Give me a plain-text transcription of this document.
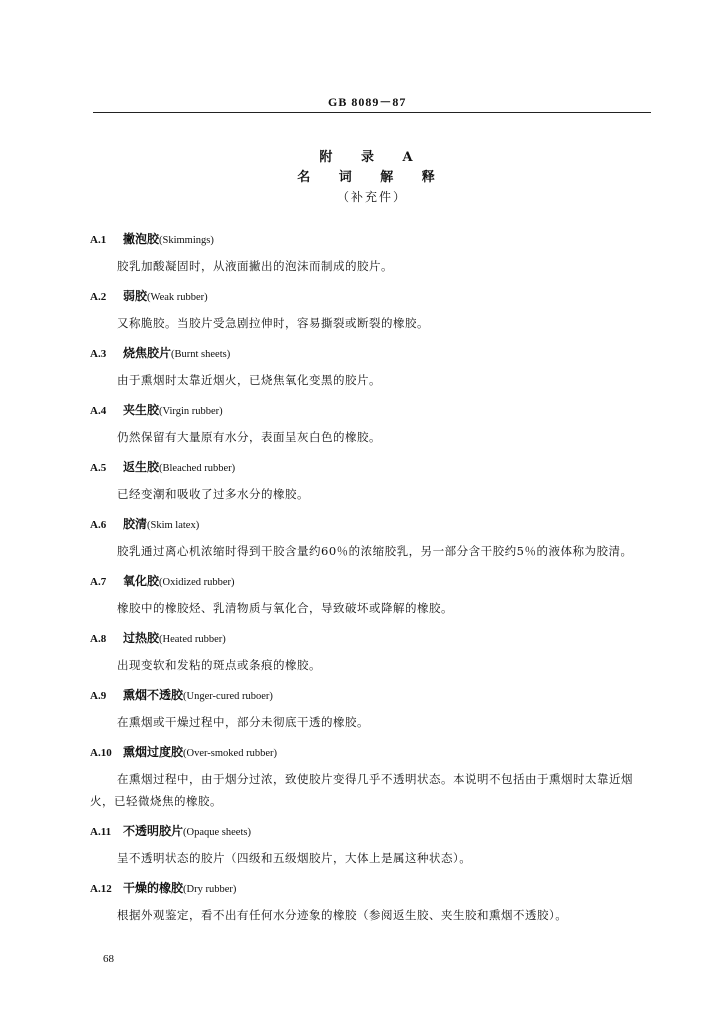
GB 8089－87
附 录 A
名 词 解 释
（补充件）
A.1 撇泡胶(Skimmings)

胶乳加酸凝固时，从液面撇出的泡沫而制成的胶片。

A.2 弱胶(Weak rubber)

又称脆胶。当胶片受急剧拉伸时，容易撕裂或断裂的橡胶。

A.3 烧焦胶片(Burnt sheets)

由于熏烟时太靠近烟火，已烧焦氧化变黑的胶片。

A.4 夹生胶(Virgin rubber)

仍然保留有大量原有水分，表面呈灰白色的橡胶。

A.5 返生胶(Bleached rubber)

已经变潮和吸收了过多水分的橡胶。

A.6 胶清(Skim latex)

胶乳通过离心机浓缩时得到干胶含量约60％的浓缩胶乳，另一部分含干胶约5％的液体称为胶清。

A.7 氧化胶(Oxidized rubber)

橡胶中的橡胶烃、乳清物质与氧化合，导致破坏或降解的橡胶。

A.8 过热胶(Heated rubber)

出现变软和发粘的斑点或条痕的橡胶。

A.9 熏烟不透胶(Unger-cured ruboer)

在熏烟或干燥过程中，部分未彻底干透的橡胶。

A.10 熏烟过度胶(Over-smoked rubber)

在熏烟过程中，由于烟分过浓，致使胶片变得几乎不透明状态。本说明不包括由于熏烟时太靠近烟火，已轻微烧焦的橡胶。

A.11 不透明胶片(Opaque sheets)

呈不透明状态的胶片（四级和五级烟胶片，大体上是属这种状态）。

A.12 干燥的橡胶(Dry rubber)

根据外观鉴定，看不出有任何水分迹象的橡胶（参阅返生胶、夹生胶和熏烟不透胶）。

68
